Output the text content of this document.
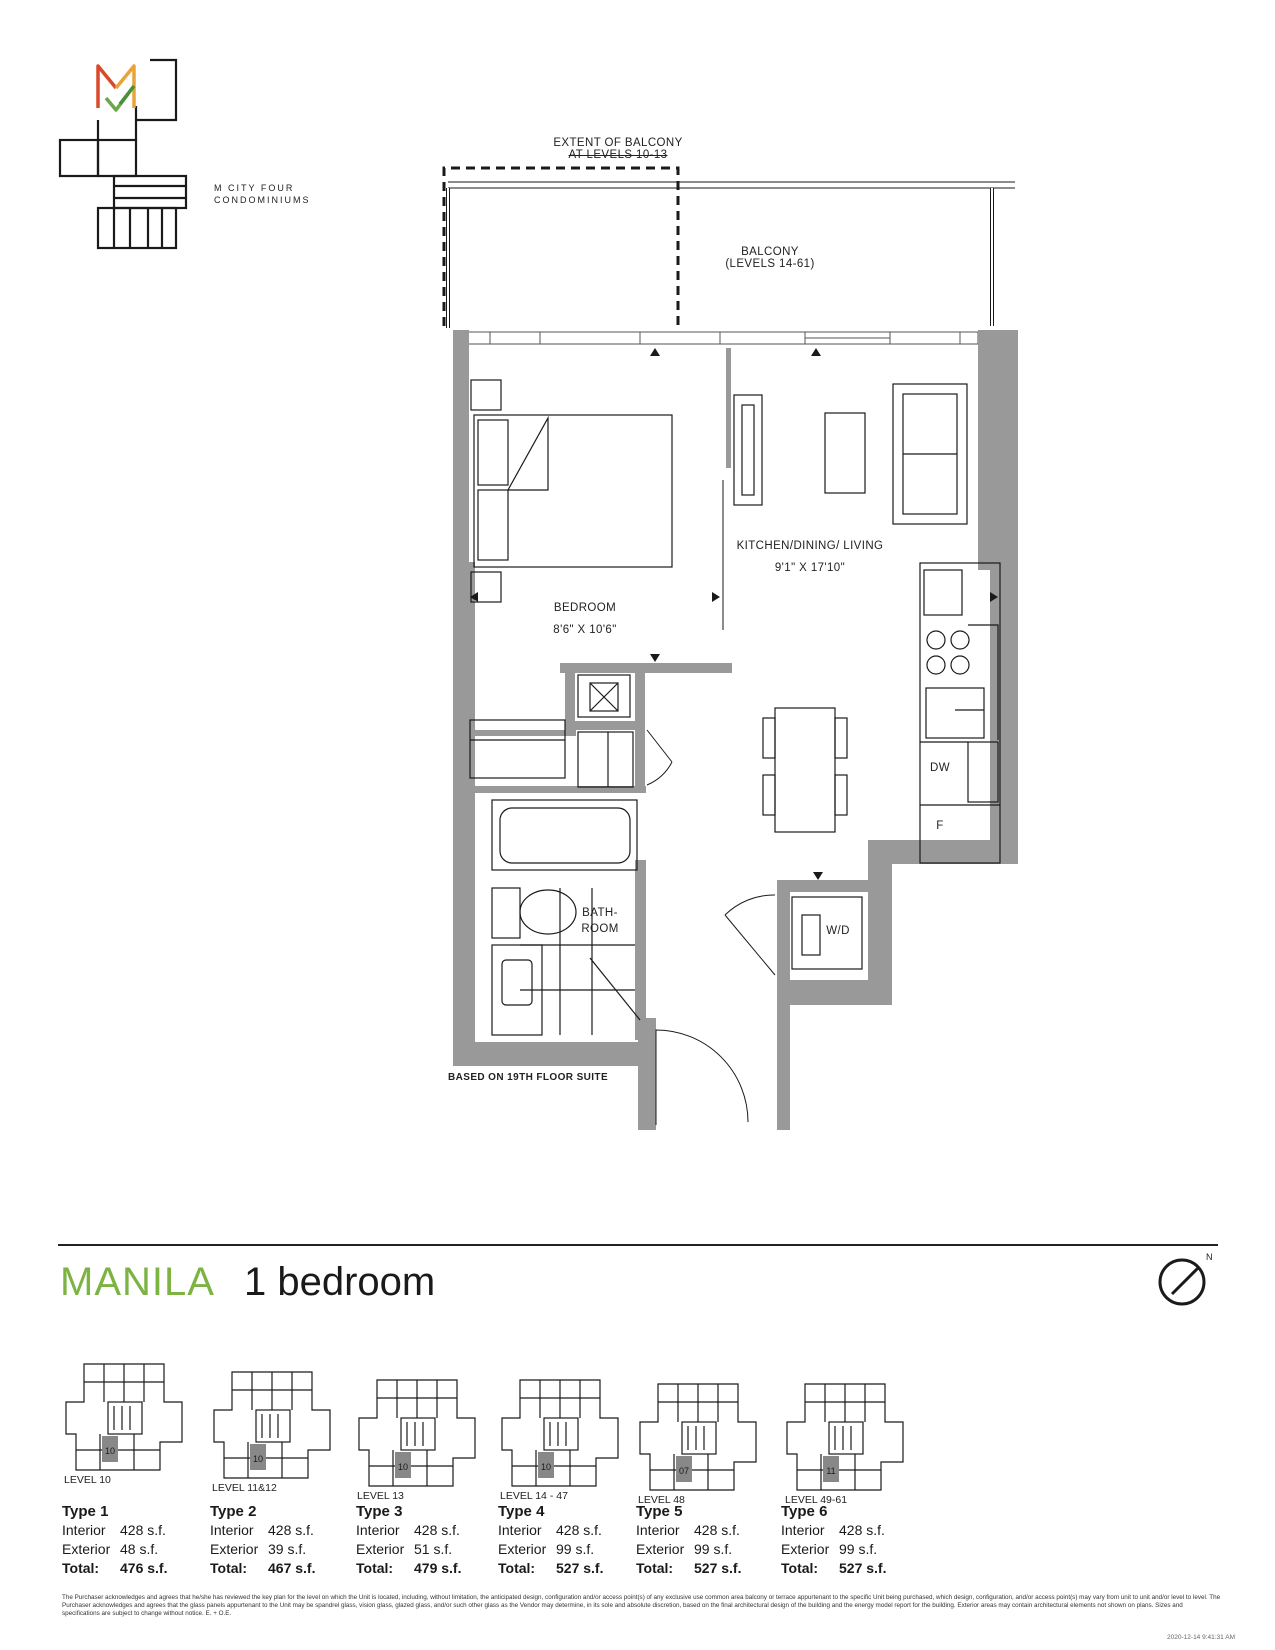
M CITY FOUR
CONDOMINIUMS
EXTENT OF BALCONY
AT LEVELS 10-13
BALCONY
(LEVELS 14-61)
KITCHEN/DINING/ LIVING
9'1" X 17'10"
BEDROOM
8'6" X 10'6"
BATH-
ROOM
DW
F
W/D
BASED ON 19TH FLOOR SUITE
MANILA 1 bedroom
N
10
LEVEL 10
10
LEVEL 11&12
10
LEVEL 13
10
LEVEL 14 - 47
07
LEVEL 48
11
LEVEL 49-61
Type 1
Interior	428 s.f.
Exterior 48 s.f.
Total:	476 s.f.
Type 2
Interior	428 s.f.
Exterior 39 s.f.
Total:	467 s.f.
Type 3
Interior	428 s.f.
Exterior 51 s.f.
Total:	479 s.f.
Type 4
Interior	428 s.f.
Exterior 99 s.f.
Total:	527 s.f.
Type 5
Interior	428 s.f.
Exterior 99 s.f.
Total:	527 s.f.
Type 6
Interior	428 s.f.
Exterior 99 s.f.
Total:	527 s.f.
The Purchaser acknowledges and agrees that he/she has reviewed the key plan for the level on which the Unit is located, including, without limitation, the anticipated design, configuration and/or access point(s) of any exclusive use common area balcony or terrace appurtenant to the specific Unit being purchased, which design, configuration, and/or access point(s) may vary from unit to unit and/or level to level. The Purchaser acknowledges and agrees that the glass panels appurtenant to the Unit may be spandrel glass, vision glass, glazed glass, and/or such other glass as the Vendor may determine, in its sole and absolute discretion, based on the final architectural design of the building and the energy model report for the building. Exterior areas may contain architectural elements not shown on plans. Sizes and specifications are subject to change without notice. E. + O.E.
2020-12-14 9:41:31 AM
